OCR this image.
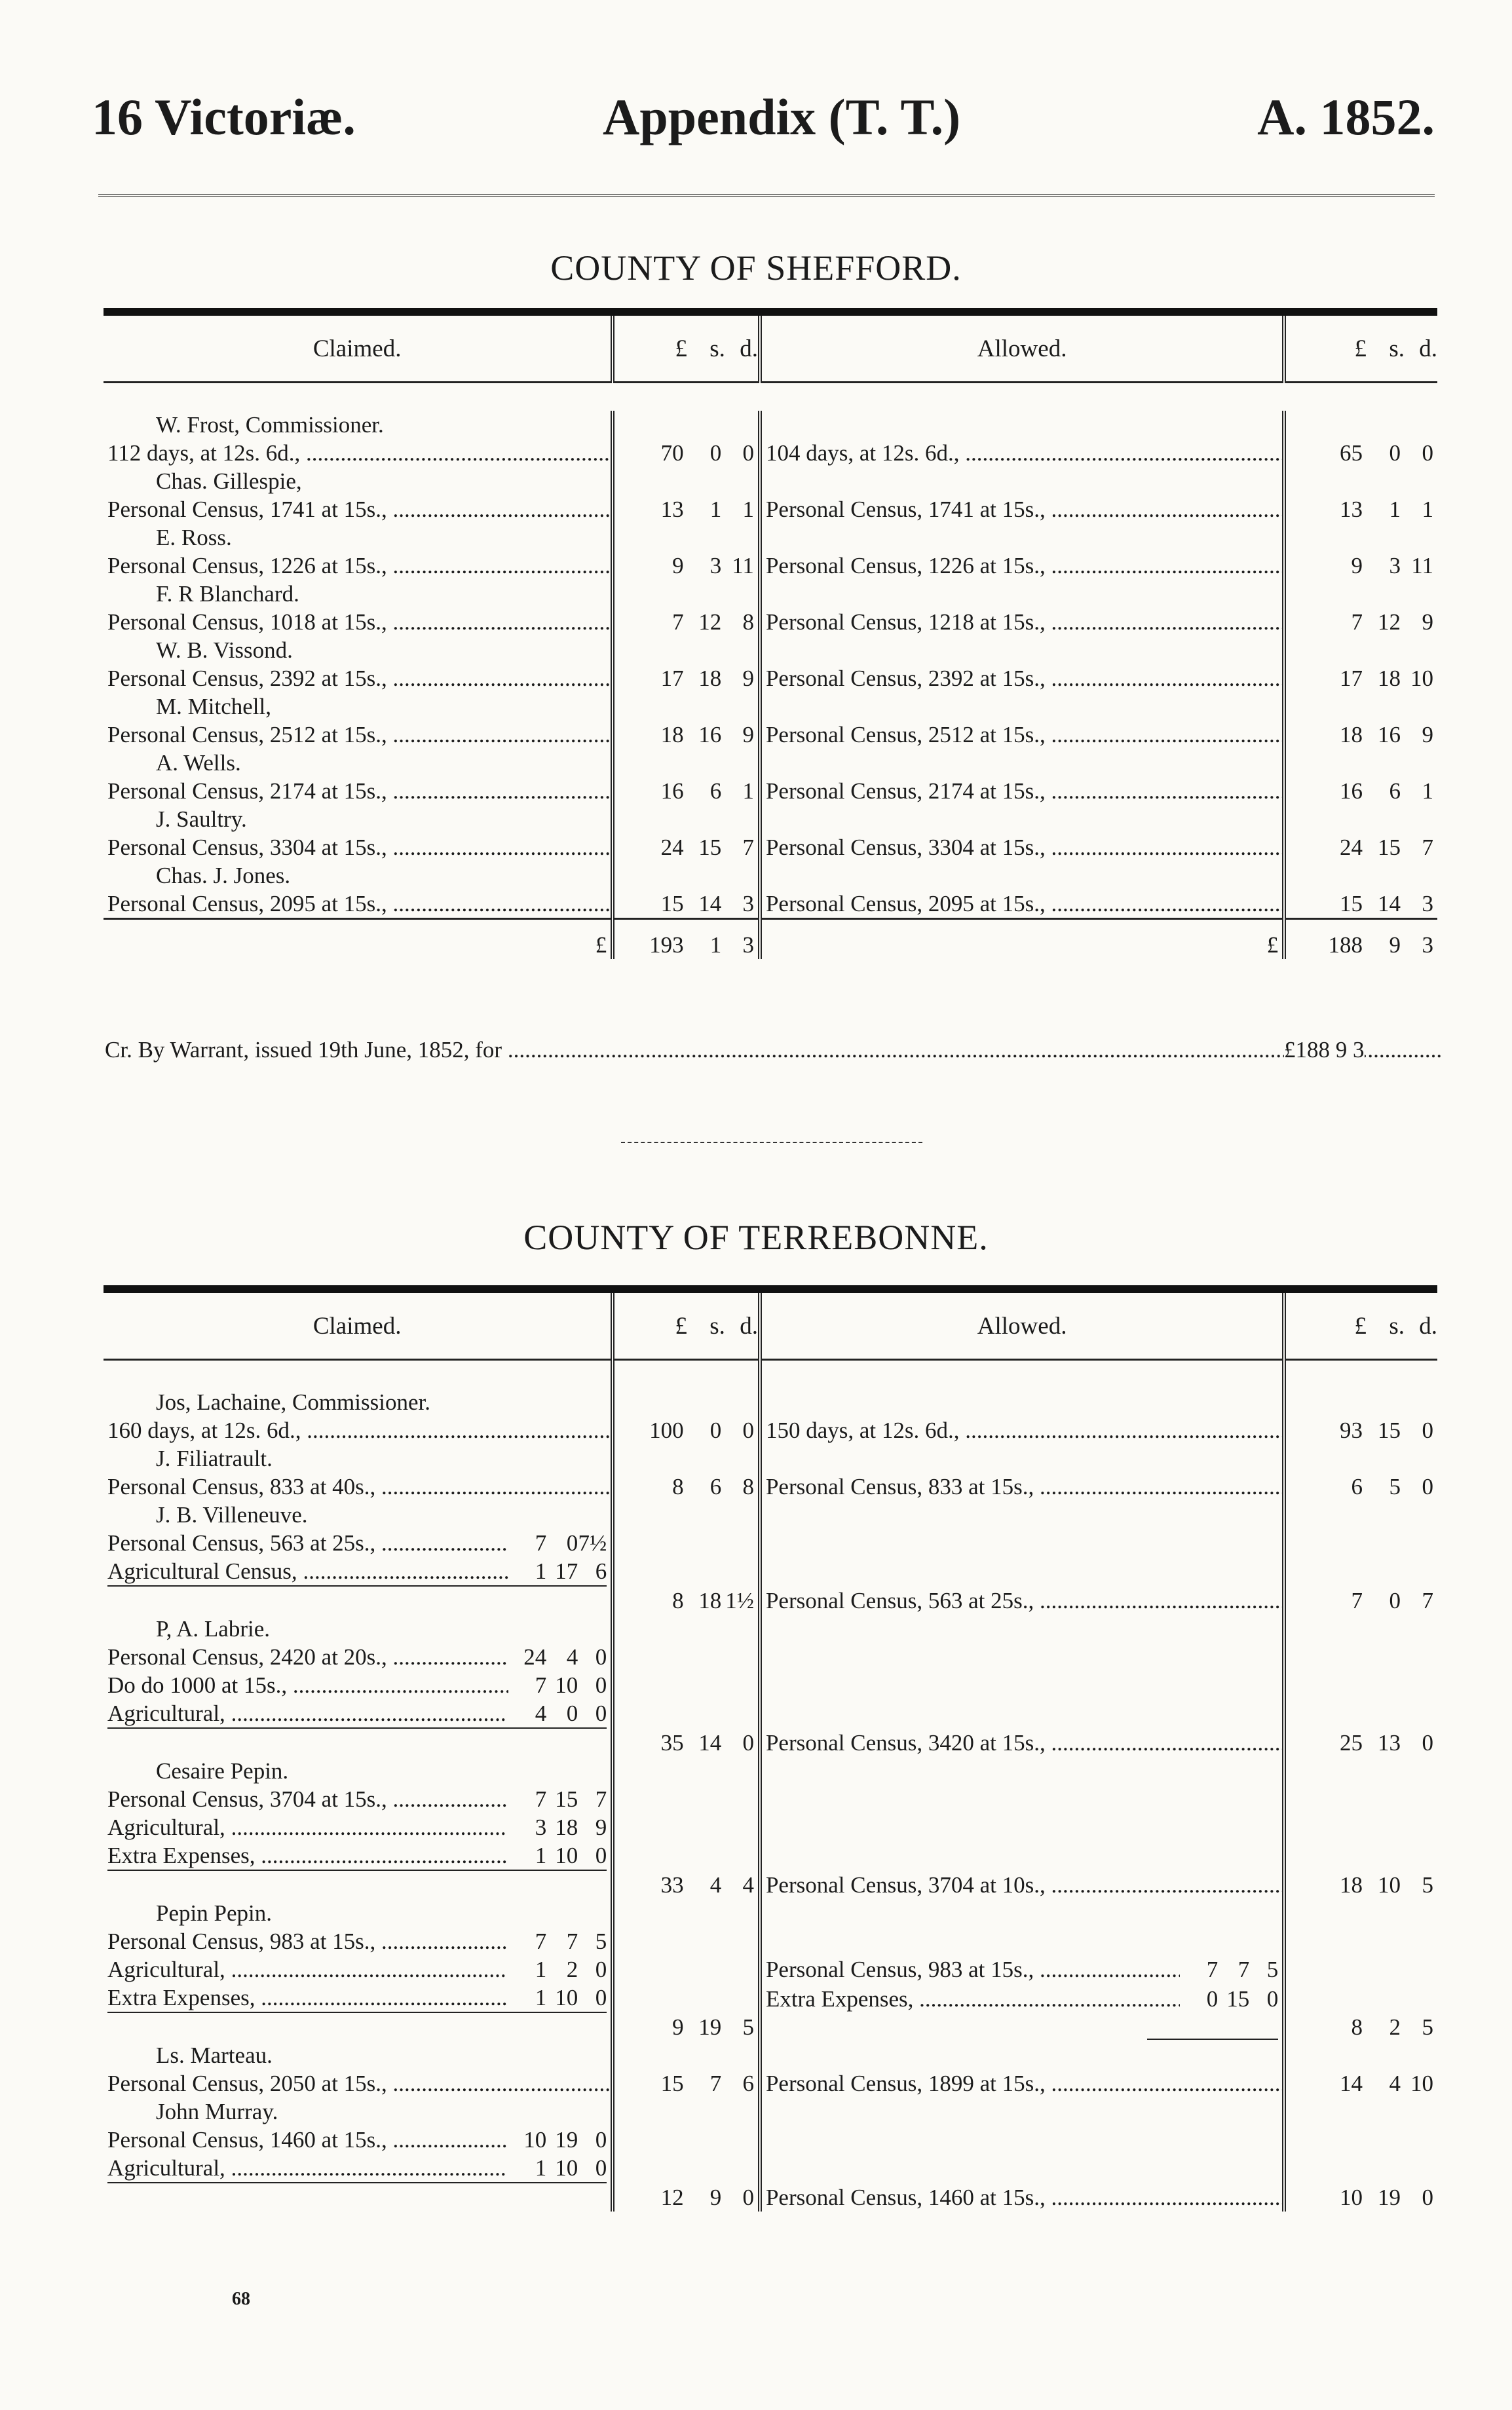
16 Victoriæ.	Appendix (T. T.)	A. 1852.
COUNTY OF SHEFFORD.
Claimed.	£ s. d.	Allowed.	£ s. d.

W. Frost, Commissioner.			
112 days, at 12s. 6d., .....	70 0 0	104 days, at 12s. 6d., .....	65 0 0

Chas. Gillespie,			
Personal Census, 1741 at 15s., .....	13 1 1	Personal Census, 1741 at 15s., .....	13 1 1

E. Ross.			
Personal Census, 1226 at 15s., .....	9 3 11	Personal Census, 1226 at 15s., .....	9 3 11

F. R Blanchard.			
Personal Census, 1018 at 15s., .....	7 12 8	Personal Census, 1218 at 15s., .....	7 12 9

W. B. Vissond.			
Personal Census, 2392 at 15s., .....	17 18 9	Personal Census, 2392 at 15s., .....	17 18 10

M. Mitchell,			
Personal Census, 2512 at 15s., .....	18 16 9	Personal Census, 2512 at 15s., .....	18 16 9

A. Wells.			
Personal Census, 2174 at 15s., .....	16 6 1	Personal Census, 2174 at 15s., .....	16 6 1

J. Saultry.			
Personal Census, 3304 at 15s., .....	24 15 7	Personal Census, 3304 at 15s., .....	24 15 7

Chas. J. Jones.			
Personal Census, 2095 at 15s., .....	15 14 3	Personal Census, 2095 at 15s., .....	15 14 3

£	193 1 3	£	188 9 3
Cr. By Warrant, issued 19th June, 1852, for .....	£188 9 3
COUNTY OF TERREBONNE.
Claimed.	£ s. d.	Allowed.	£ s. d.

Jos, Lachaine, Commissioner.			
160 days, at 12s. 6d., .....	100 0 0	150 days, at 12s. 6d., .....	93 15 0

J. Filiatrault.			
Personal Census, 833 at 40s., .....	8 6 8	Personal Census, 833 at 15s., .....	6 5 0

J. B. Villeneuve.			

Personal Census, 563 at 25s., ..... 7 0 7½

Agricultural Census, ..... 1 17 6

	8 18 1½	Personal Census, 563 at 25s., .....	7 0 7

P, A. Labrie.			

Personal Census, 2420 at 20s., ..... 24 4 0

Do do 1000 at 15s., ..... 7 10 0

Agricultural, ..... 4 0 0

	35 14 0	Personal Census, 3420 at 15s., .....	25 13 0

Cesaire Pepin.			

Personal Census, 3704 at 15s., ..... 7 15 7

Agricultural, ..... 3 18 9

Extra Expenses, ..... 1 10 0

	33 4 4	Personal Census, 3704 at 10s., .....	18 10 5

Pepin Pepin.			

Personal Census, 983 at 15s., ..... 7 7 5

Agricultural, ..... 1 2 0		Personal Census, 983 at 15s., ..... 7 7 5

Extra Expenses, ..... 1 10 0		Extra Expenses, ..... 0 15 0

	9 19 5		8 2 5

Ls. Marteau.			
Personal Census, 2050 at 15s., .....	15 7 6	Personal Census, 1899 at 15s., .....	14 4 10

John Murray.			

Personal Census, 1460 at 15s., ..... 10 19 0

Agricultural, ..... 1 10 0

	12 9 0	Personal Census, 1460 at 15s., .....	10 19 0
68
